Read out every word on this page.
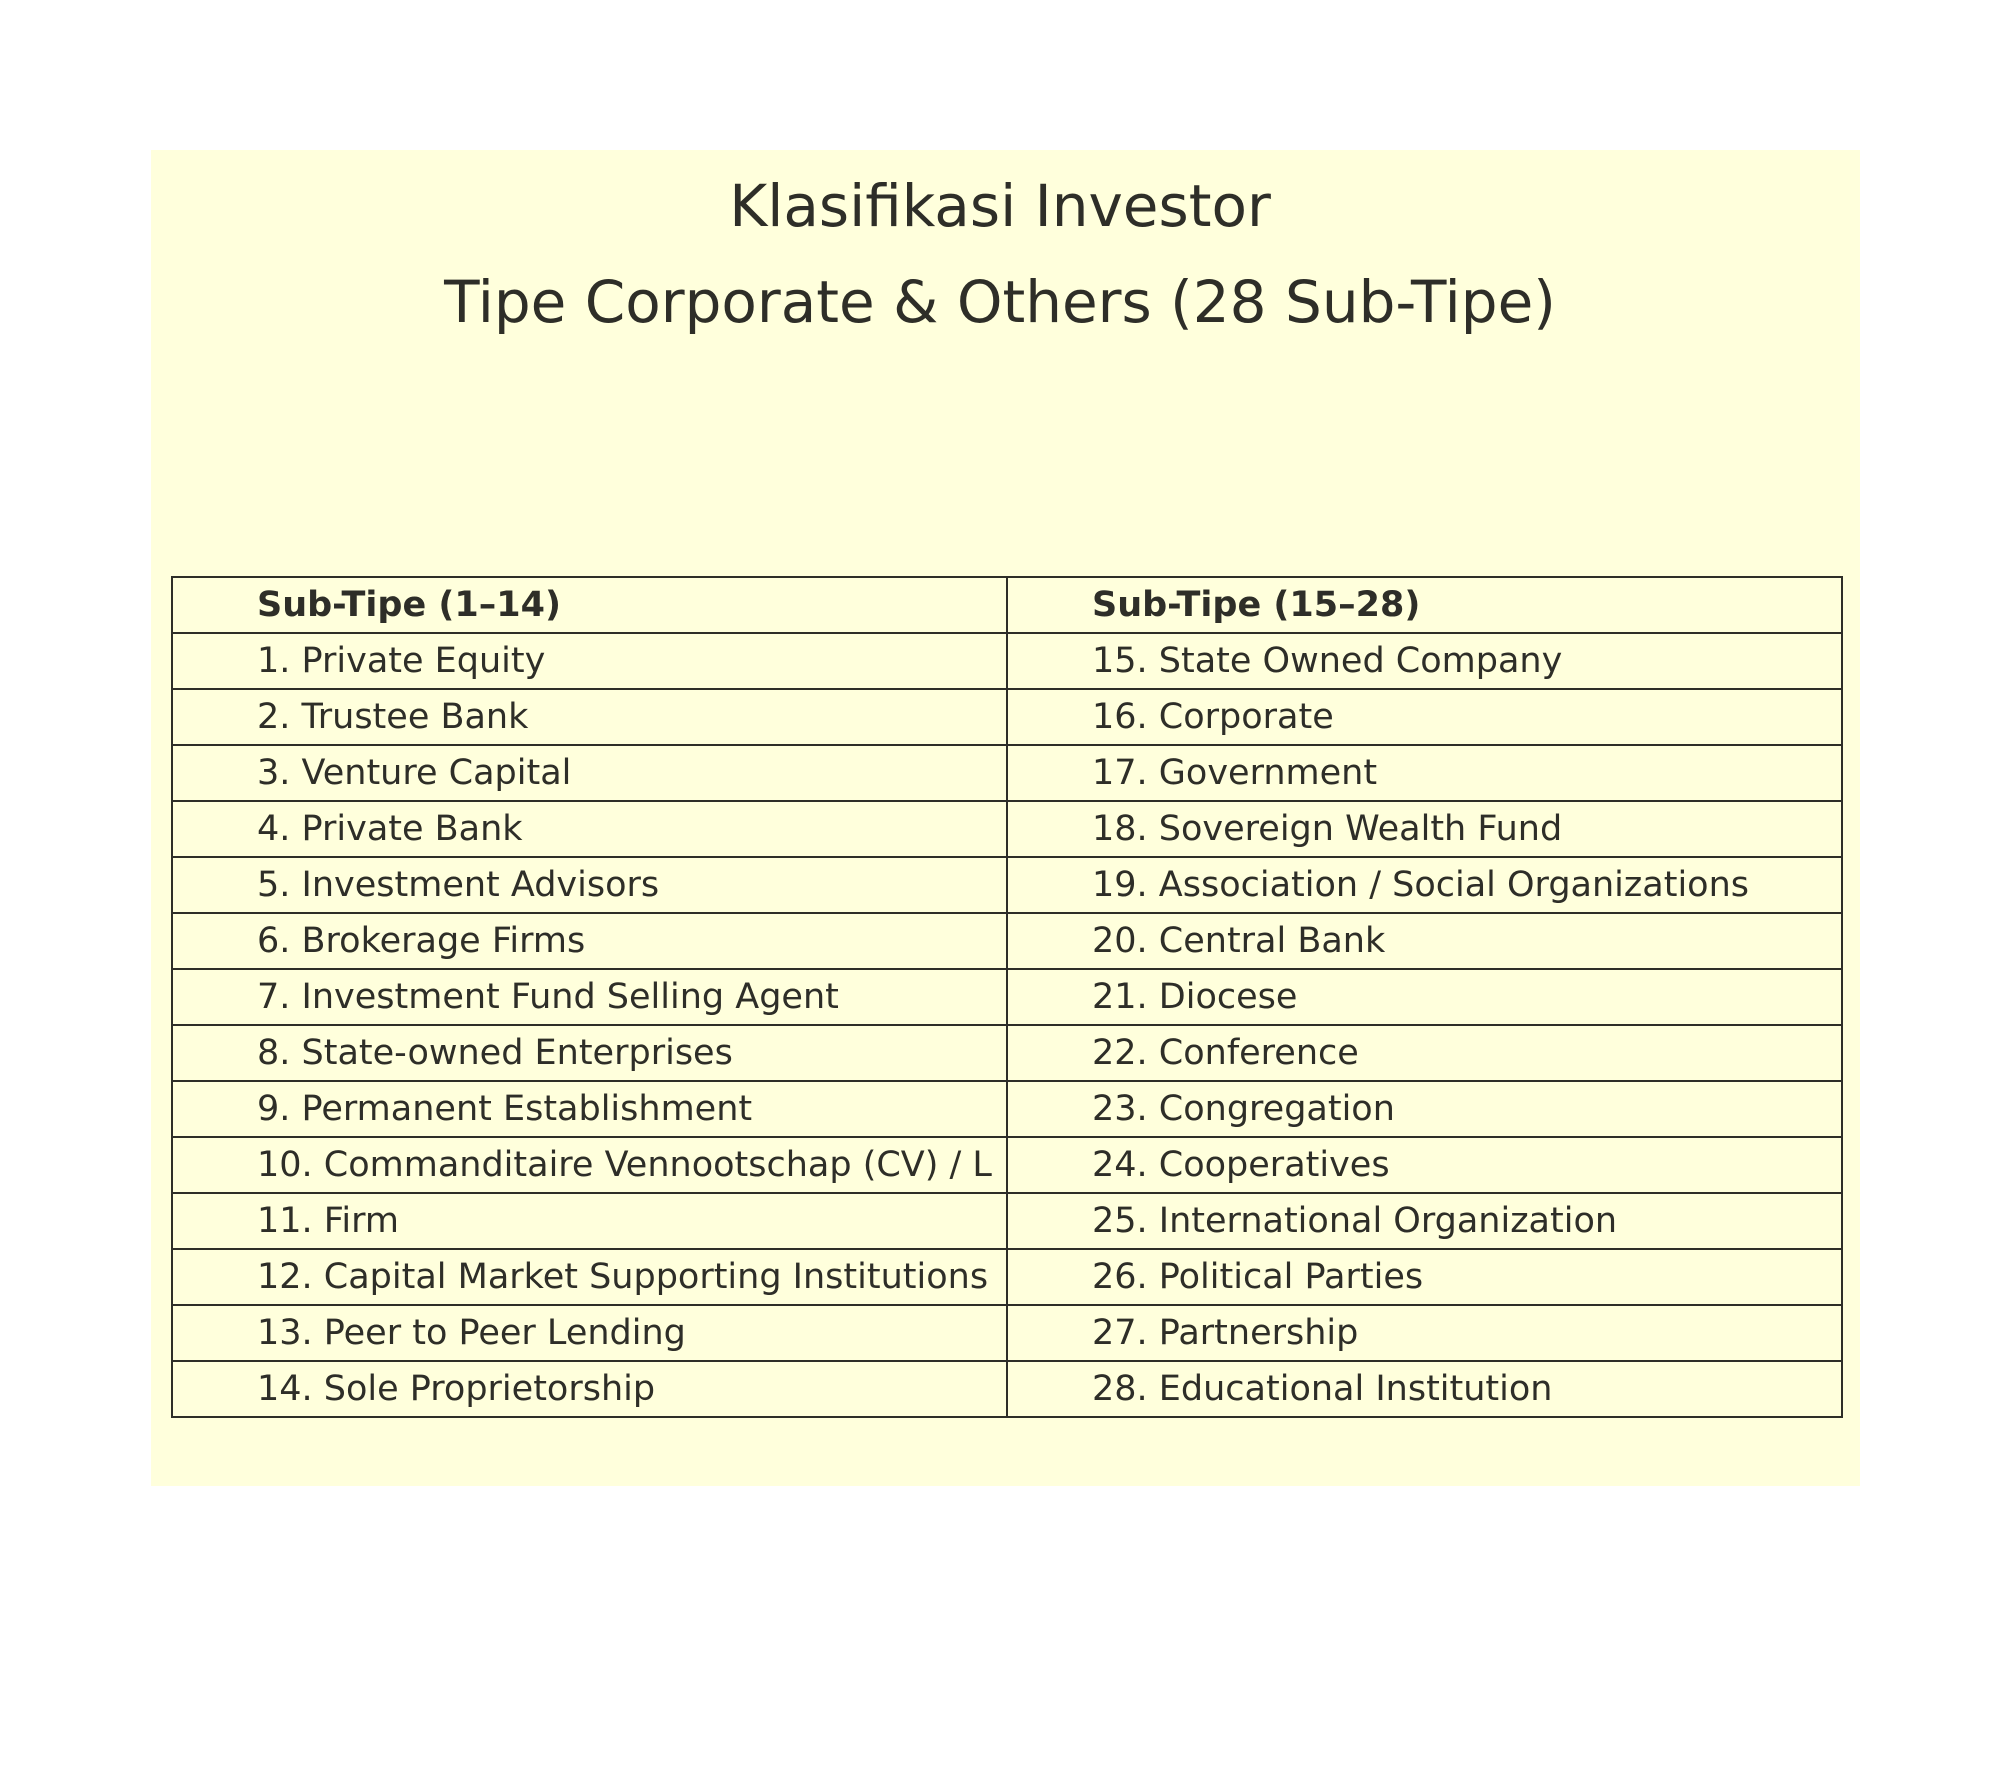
Klasifikasi Investor
Tipe Corporate & Others (28 Sub-Tipe)
Sub-Tipe (1–14)	Sub-Tipe (15–28)
1. Private Equity	15. State Owned Company
2. Trustee Bank	16. Corporate
3. Venture Capital	17. Government
4. Private Bank	18. Sovereign Wealth Fund
5. Investment Advisors	19. Association / Social Organizations
6. Brokerage Firms	20. Central Bank
7. Investment Fund Selling Agent	21. Diocese
8. State-owned Enterprises	22. Conference
9. Permanent Establishment	23. Congregation
10. Commanditaire Vennootschap (CV) / L	24. Cooperatives
11. Firm	25. International Organization
12. Capital Market Supporting Institutions	26. Political Parties
13. Peer to Peer Lending	27. Partnership
14. Sole Proprietorship	28. Educational Institution
